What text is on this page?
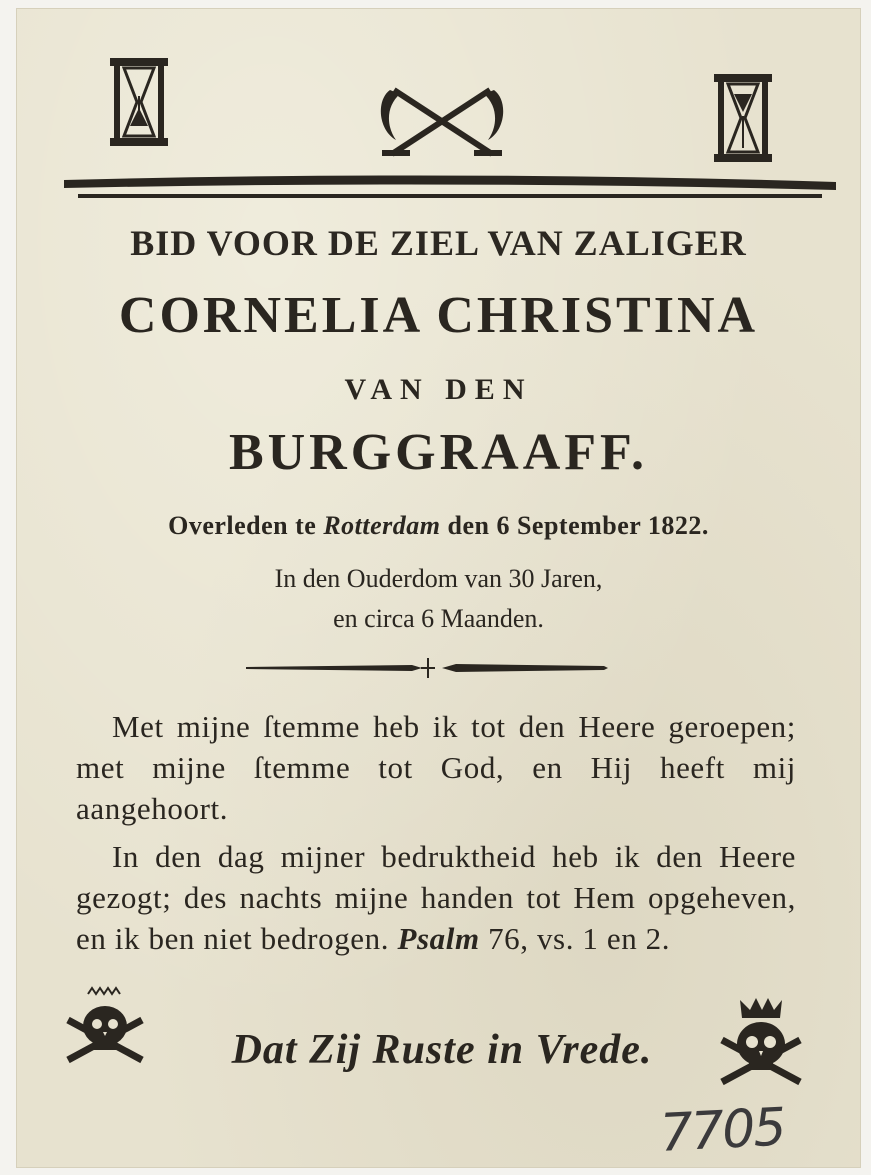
BID VOOR DE ZIEL VAN ZALIGER
CORNELIA CHRISTINA
VAN DEN
BURGGRAAFF.
Overleden te Rotterdam den 6 September 1822.
In den Ouderdom van 30 Jaren,
en circa 6 Maanden.
Met mijne ſtemme heb ik tot den Heere geroepen; met mijne ſtemme tot God, en Hij heeft mij aangehoort.
In den dag mijner bedruktheid heb ik den Heere gezogt; des nachts mijne handen tot Hem opgeheven, en ik ben niet bedrogen. Psalm 76, vs. 1 en 2.
Dat Zij Ruste in Vrede.
7705
